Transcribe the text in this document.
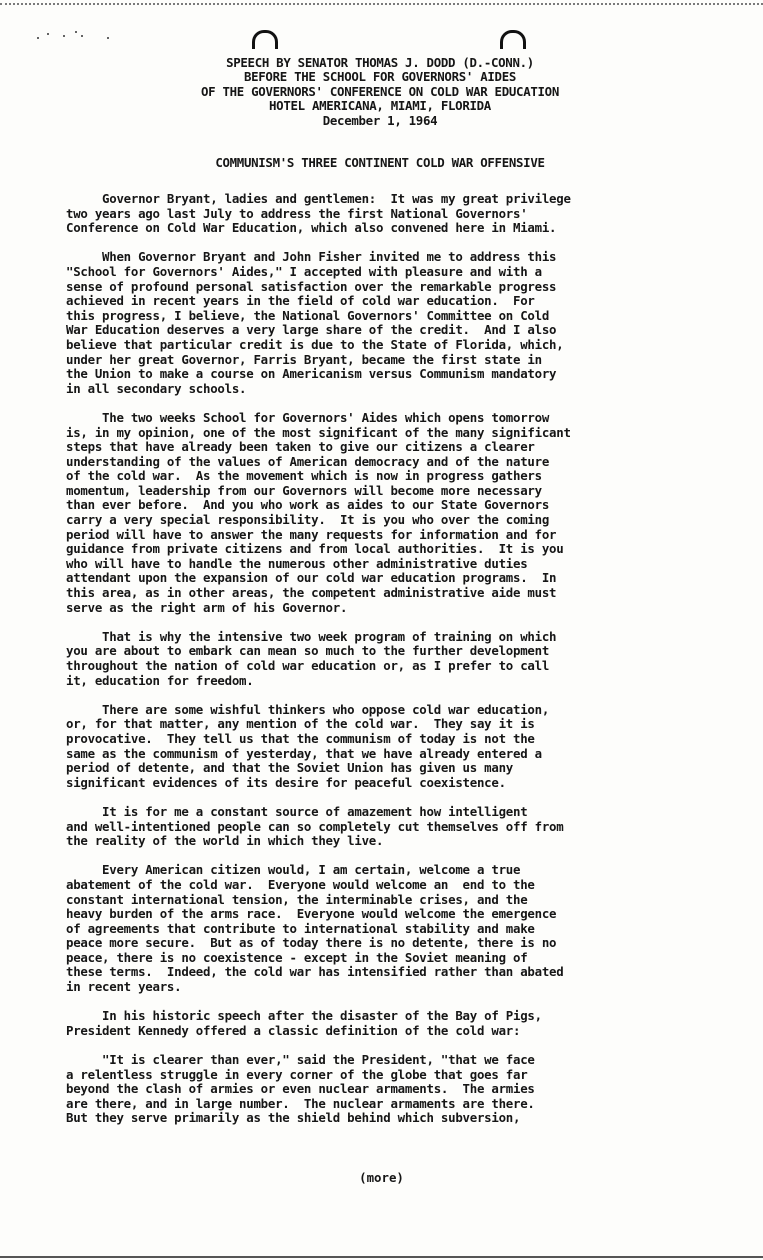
SPEECH BY SENATOR THOMAS J. DODD (D.-CONN.)
BEFORE THE SCHOOL FOR GOVERNORS' AIDES
OF THE GOVERNORS' CONFERENCE ON COLD WAR EDUCATION
HOTEL AMERICANA, MIAMI, FLORIDA
December 1, 1964
COMMUNISM'S THREE CONTINENT COLD WAR OFFENSIVE
Governor Bryant, ladies and gentlemen:  It was my great privilege
two years ago last July to address the first National Governors'
Conference on Cold War Education, which also convened here in Miami.
When Governor Bryant and John Fisher invited me to address this
"School for Governors' Aides," I accepted with pleasure and with a
sense of profound personal satisfaction over the remarkable progress
achieved in recent years in the field of cold war education.  For
this progress, I believe, the National Governors' Committee on Cold
War Education deserves a very large share of the credit.  And I also
believe that particular credit is due to the State of Florida, which,
under her great Governor, Farris Bryant, became the first state in
the Union to make a course on Americanism versus Communism mandatory
in all secondary schools.
The two weeks School for Governors' Aides which opens tomorrow
is, in my opinion, one of the most significant of the many significant
steps that have already been taken to give our citizens a clearer
understanding of the values of American democracy and of the nature
of the cold war.  As the movement which is now in progress gathers
momentum, leadership from our Governors will become more necessary
than ever before.  And you who work as aides to our State Governors
carry a very special responsibility.  It is you who over the coming
period will have to answer the many requests for information and for
guidance from private citizens and from local authorities.  It is you
who will have to handle the numerous other administrative duties
attendant upon the expansion of our cold war education programs.  In
this area, as in other areas, the competent administrative aide must
serve as the right arm of his Governor.
That is why the intensive two week program of training on which
you are about to embark can mean so much to the further development
throughout the nation of cold war education or, as I prefer to call
it, education for freedom.
There are some wishful thinkers who oppose cold war education,
or, for that matter, any mention of the cold war.  They say it is
provocative.  They tell us that the communism of today is not the
same as the communism of yesterday, that we have already entered a
period of detente, and that the Soviet Union has given us many
significant evidences of its desire for peaceful coexistence.
It is for me a constant source of amazement how intelligent
and well-intentioned people can so completely cut themselves off from
the reality of the world in which they live.
Every American citizen would, I am certain, welcome a true
abatement of the cold war.  Everyone would welcome an  end to the
constant international tension, the interminable crises, and the
heavy burden of the arms race.  Everyone would welcome the emergence
of agreements that contribute to international stability and make
peace more secure.  But as of today there is no detente, there is no
peace, there is no coexistence - except in the Soviet meaning of
these terms.  Indeed, the cold war has intensified rather than abated
in recent years.
In his historic speech after the disaster of the Bay of Pigs,
President Kennedy offered a classic definition of the cold war:
"It is clearer than ever," said the President, "that we face
a relentless struggle in every corner of the globe that goes far
beyond the clash of armies or even nuclear armaments.  The armies
are there, and in large number.  The nuclear armaments are there.
But they serve primarily as the shield behind which subversion,
(more)
